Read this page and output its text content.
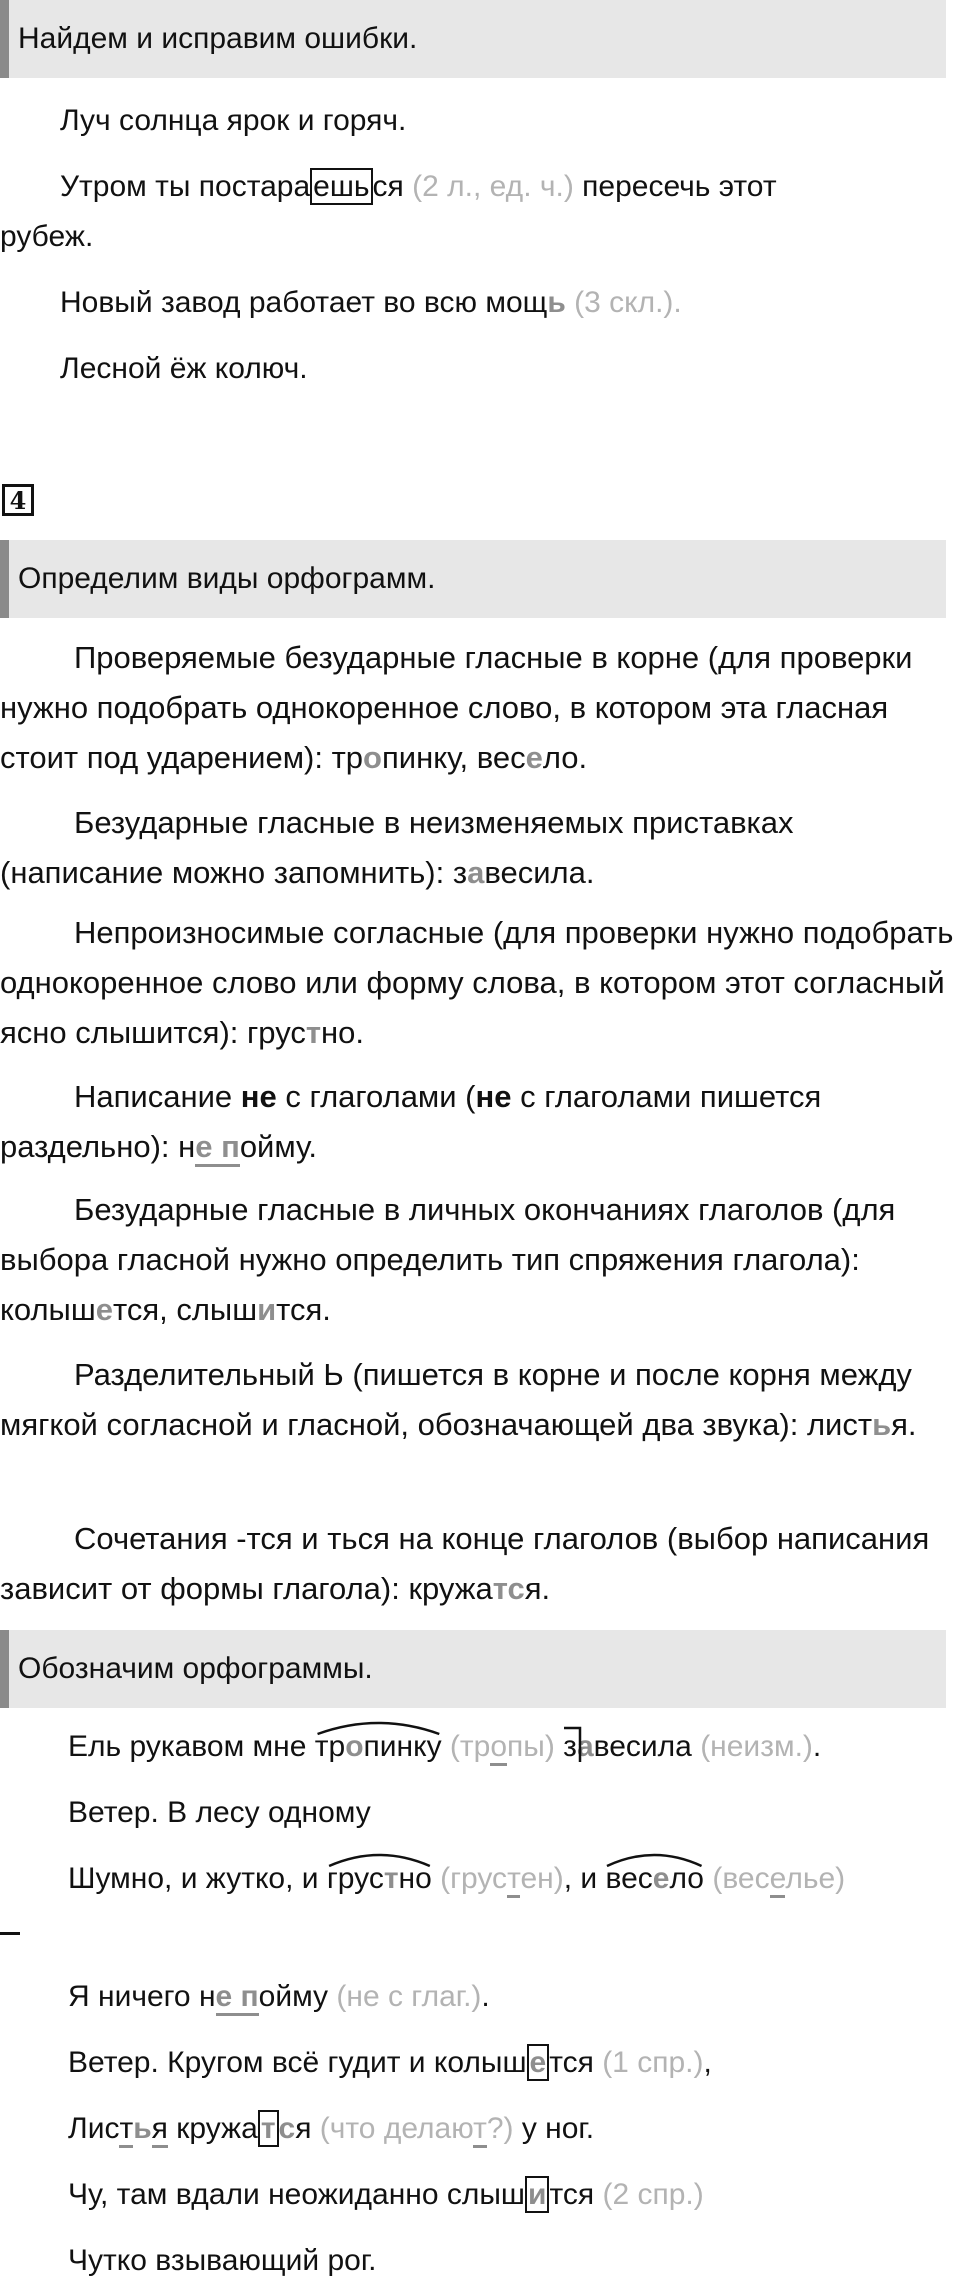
Найдем и исправим ошибки.
Луч солнца ярок и горяч.
Утром ты постара ешь ся (2 л., ед. ч.) пересечь этот
рубеж.
Новый завод работает во всю мощь (3 скл.).
Лесной ёж колюч.
4
Определим виды орфограмм.
Проверяемые безударные гласные в корне (для проверки нужно подобрать однокоренное слово, в котором эта гласная стоит под ударением): тропинку, весело.
Безударные гласные в неизменяемых приставках (написание можно запомнить): завесила.
Непроизносимые согласные (для проверки нужно подобрать однокоренное слово или форму слова, в котором этот согласный ясно слышится): грустно.
Написание не с глаголами (не с глаголами пишется раздельно): не пойму.
Безударные гласные в личных окончаниях глаголов (для выбора гласной нужно определить тип спряжения глагола): колышется, слышится.
Разделительный Ь (пишется в корне и после корня между мягкой согласной и гласной, обозначающей два звука): листья.
Сочетания -тся и ться на конце глаголов (выбор написания зависит от формы глагола): кружатся.
Обозначим орфограммы.
Ель рукавом мне
тропинку (тропы) завесила (неизм.).
Ветер. В лесу одному
Шумно, и жутко, и
грустно (грустен), и
весело (веселье)
Я ничего не пойму (не с глаг.).
Ветер. Кругом всё гудит и колыш е тся (1 спр.),
Листья кружа т ся (что делают?) у ног.
Чу, там вдали неожиданно слыш и тся (2 спр.)
Чутко взывающий рог.
